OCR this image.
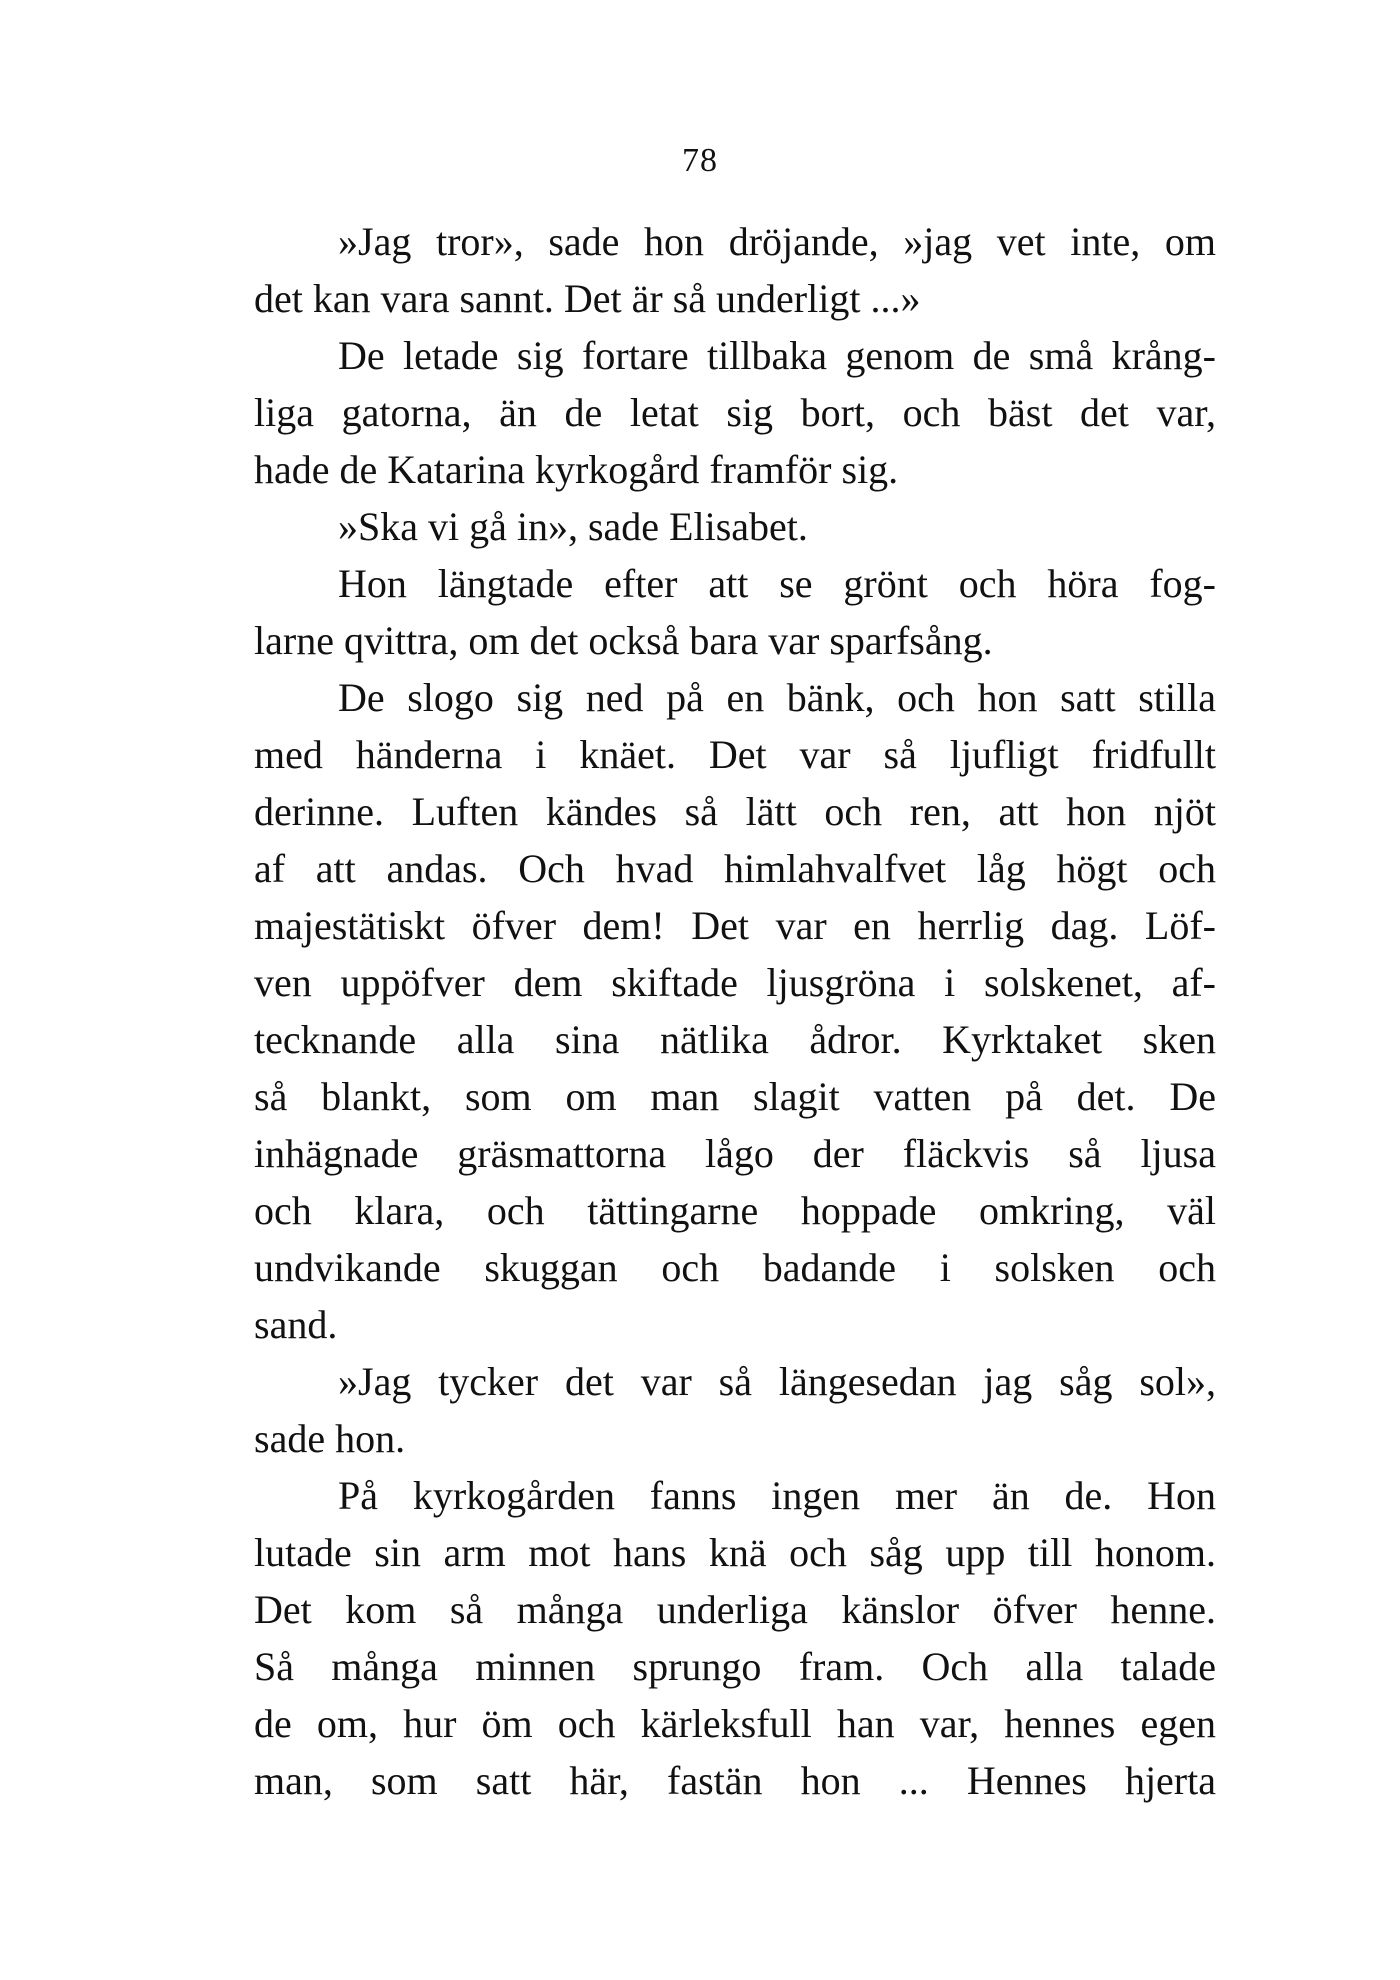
78
»Jag tror», sade hon dröjande, »jag vet inte, om
det kan vara sannt. Det är så underligt ...»
De letade sig fortare tillbaka genom de små krång-
liga gatorna, än de letat sig bort, och bäst det var,
hade de Katarina kyrkogård framför sig.
»Ska vi gå in», sade Elisabet.
Hon längtade efter att se grönt och höra fog-
larne qvittra, om det också bara var sparfsång.
De slogo sig ned på en bänk, och hon satt stilla
med händerna i knäet. Det var så ljufligt fridfullt
derinne. Luften kändes så lätt och ren, att hon njöt
af att andas. Och hvad himlahvalfvet låg högt och
majestätiskt öfver dem! Det var en herrlig dag. Löf-
ven uppöfver dem skiftade ljusgröna i solskenet, af-
tecknande alla sina nätlika ådror. Kyrktaket sken
så blankt, som om man slagit vatten på det. De
inhägnade gräsmattorna lågo der fläckvis så ljusa
och klara, och tättingarne hoppade omkring, väl
undvikande skuggan och badande i solsken och
sand.
»Jag tycker det var så längesedan jag såg sol»,
sade hon.
På kyrkogården fanns ingen mer än de. Hon
lutade sin arm mot hans knä och såg upp till honom.
Det kom så många underliga känslor öfver henne.
Så många minnen sprungo fram. Och alla talade
de om, hur öm och kärleksfull han var, hennes egen
man, som satt här, fastän hon ... Hennes hjerta
